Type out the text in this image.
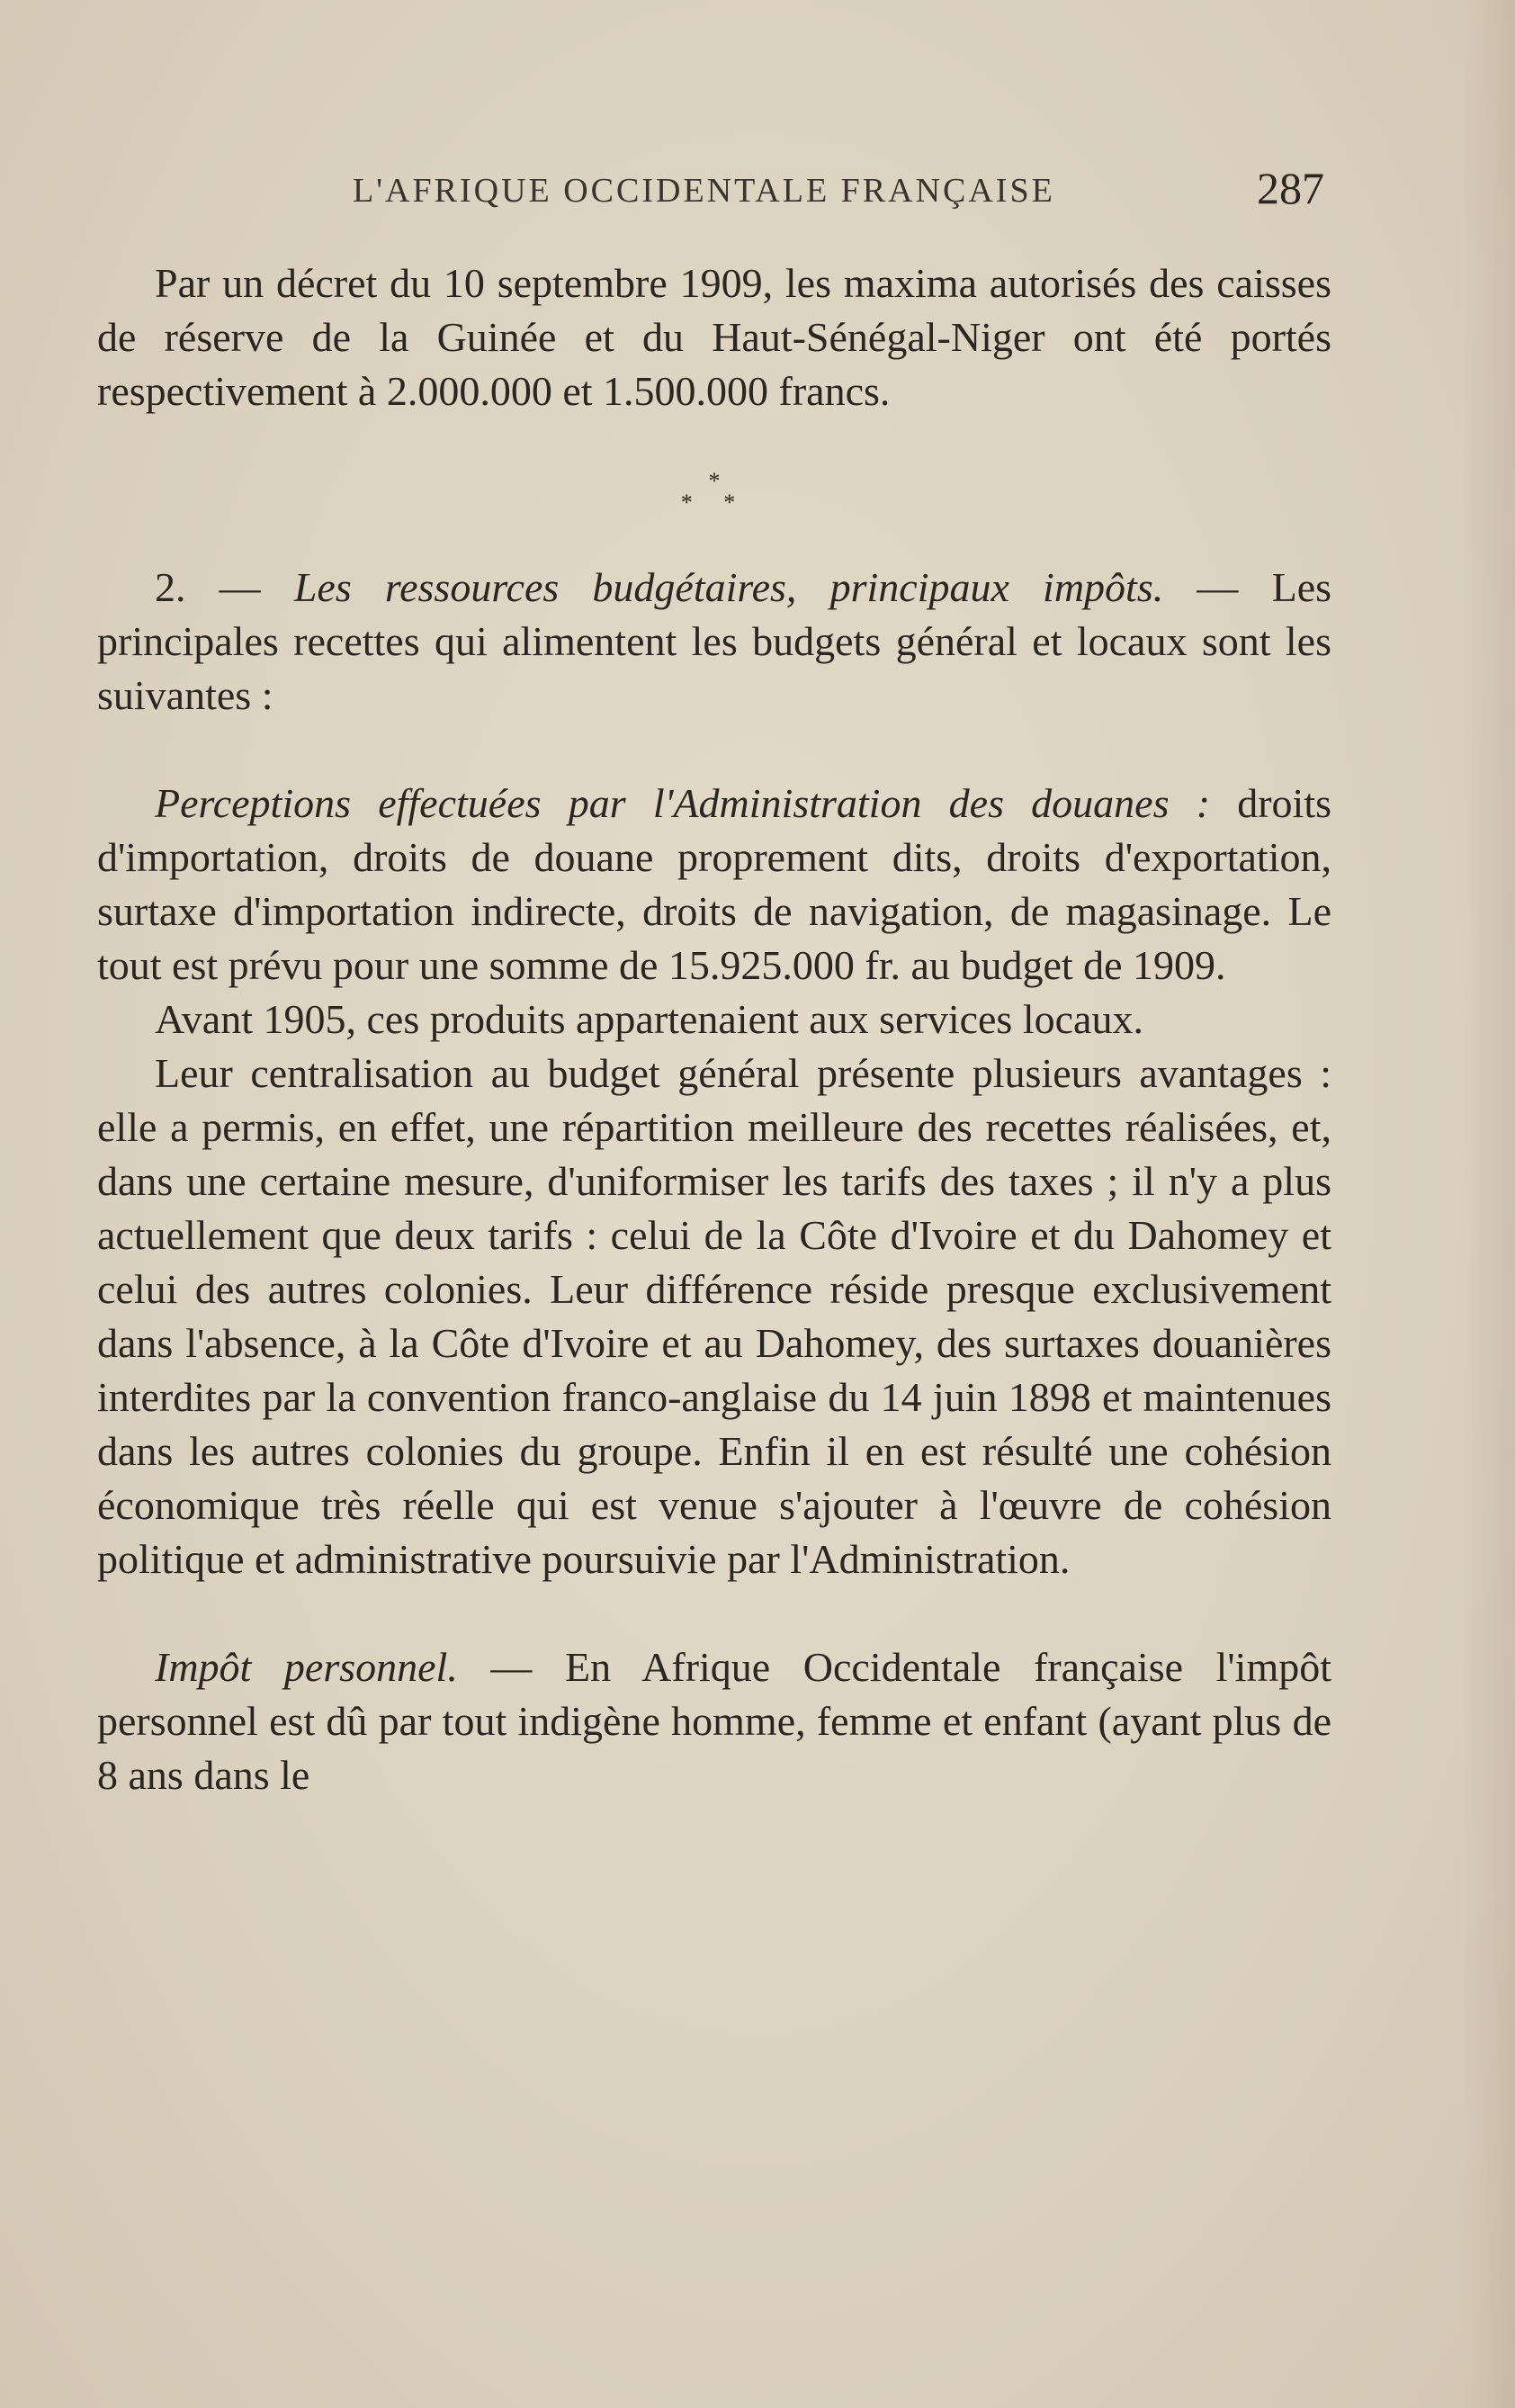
L'AFRIQUE OCCIDENTALE FRANÇAISE	287

Par un décret du 10 septembre 1909, les maxima autorisés des caisses de réserve de la Guinée et du Haut-Sénégal-Niger ont été portés respectivement à 2.000.000 et 1.500.000 francs.

*
* *

2. — Les ressources budgétaires, principaux impôts. — Les principales recettes qui alimentent les budgets général et locaux sont les suivantes :

Perceptions effectuées par l'Administration des douanes : droits d'importation, droits de douane proprement dits, droits d'exportation, surtaxe d'importation indirecte, droits de navigation, de magasinage. Le tout est prévu pour une somme de 15.925.000 fr. au budget de 1909.

Avant 1905, ces produits appartenaient aux services locaux.

Leur centralisation au budget général présente plusieurs avantages : elle a permis, en effet, une répartition meilleure des recettes réalisées, et, dans une certaine mesure, d'uniformiser les tarifs des taxes ; il n'y a plus actuellement que deux tarifs : celui de la Côte d'Ivoire et du Dahomey et celui des autres colonies. Leur différence réside presque exclusivement dans l'absence, à la Côte d'Ivoire et au Dahomey, des surtaxes douanières interdites par la convention franco-anglaise du 14 juin 1898 et maintenues dans les autres colonies du groupe. Enfin il en est résulté une cohésion économique très réelle qui est venue s'ajouter à l'œuvre de cohésion politique et administrative poursuivie par l'Administration.

Impôt personnel. — En Afrique Occidentale française l'impôt personnel est dû par tout indigène homme, femme et enfant (ayant plus de 8 ans dans le
